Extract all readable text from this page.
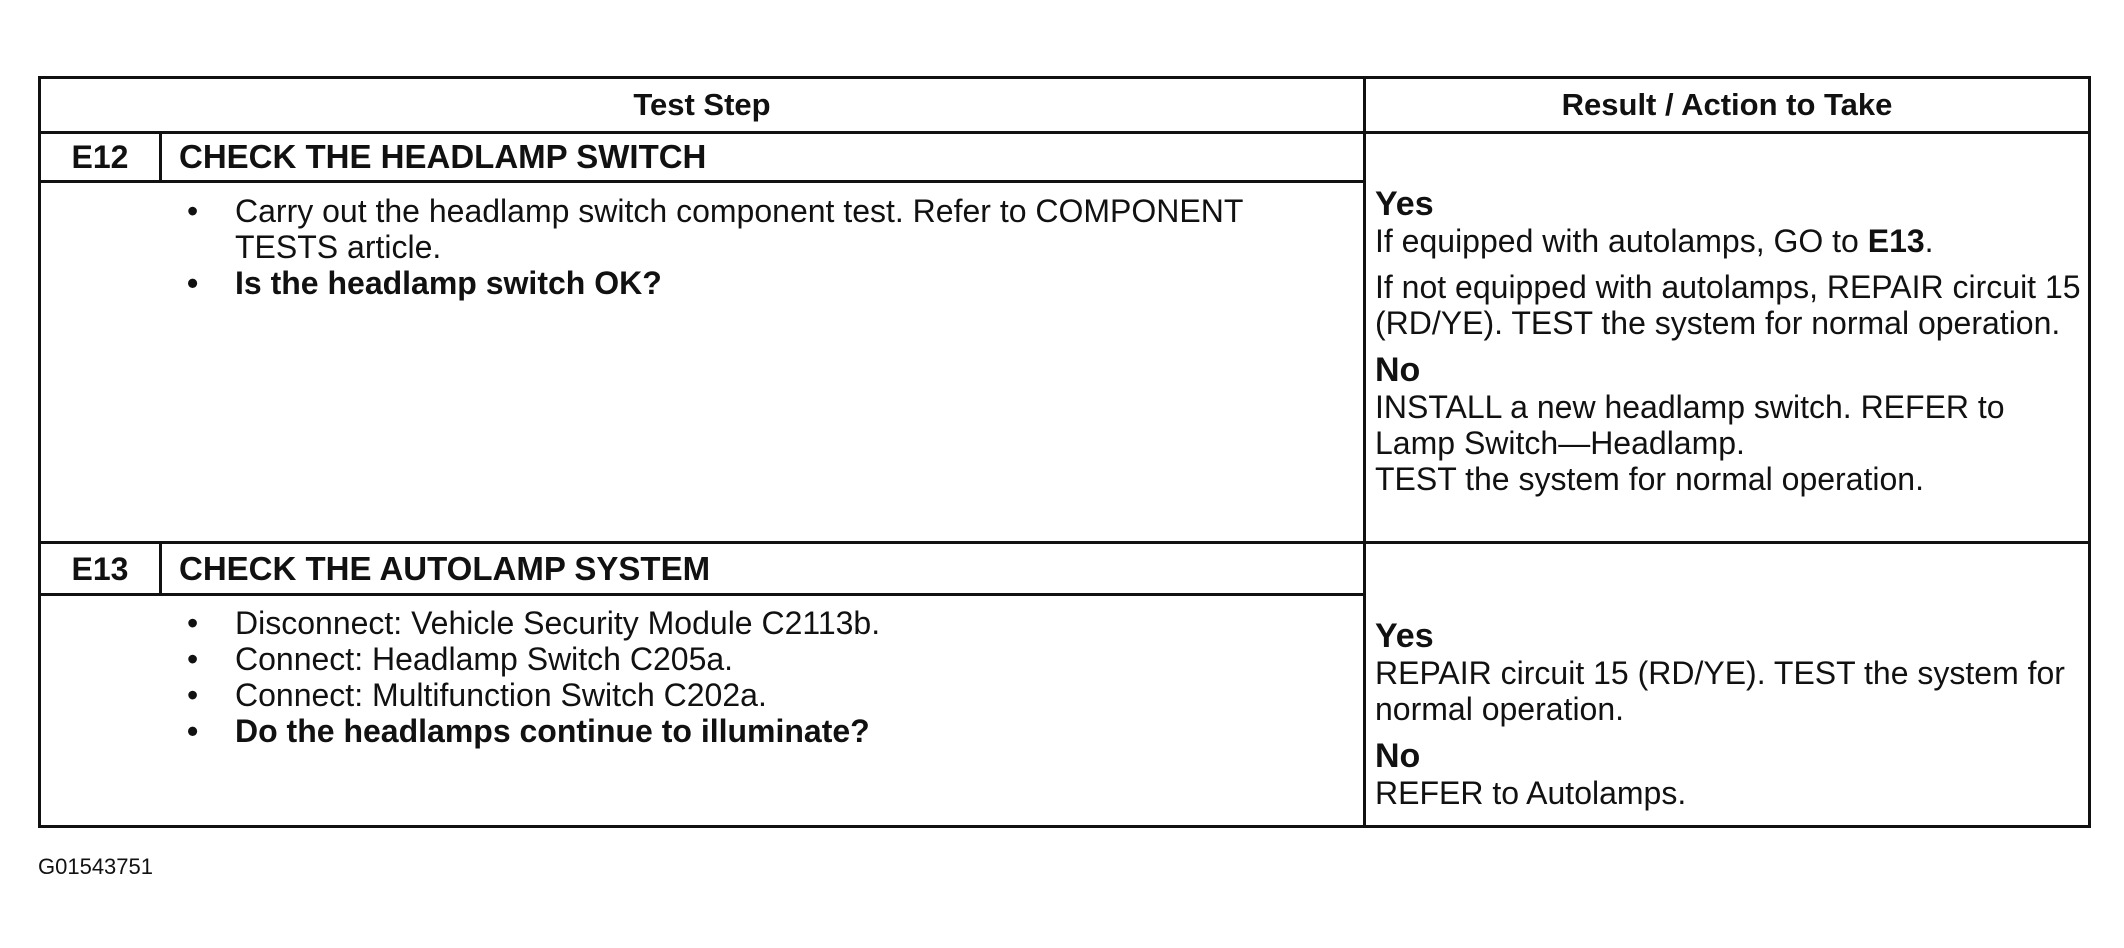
Test Step	Result / Action to Take
E12	CHECK THE HEADLAMP SWITCH
• Carry out the headlamp switch component test. Refer to COMPONENT TESTS article.
• Is the headlamp switch OK?

Yes

If equipped with autolamps, GO to E13.

If not equipped with autolamps, REPAIR circuit 15 (RD/YE). TEST the system for normal operation.

No

INSTALL a new headlamp switch. REFER to Lamp Switch—Headlamp.

TEST the system for normal operation.

E13	CHECK THE AUTOLAMP SYSTEM
• Disconnect: Vehicle Security Module C2113b.
• Connect: Headlamp Switch C205a.
• Connect: Multifunction Switch C202a.
• Do the headlamps continue to illuminate?

Yes

REPAIR circuit 15 (RD/YE). TEST the system for normal operation.

No

REFER to Autolamps.

G01543751
